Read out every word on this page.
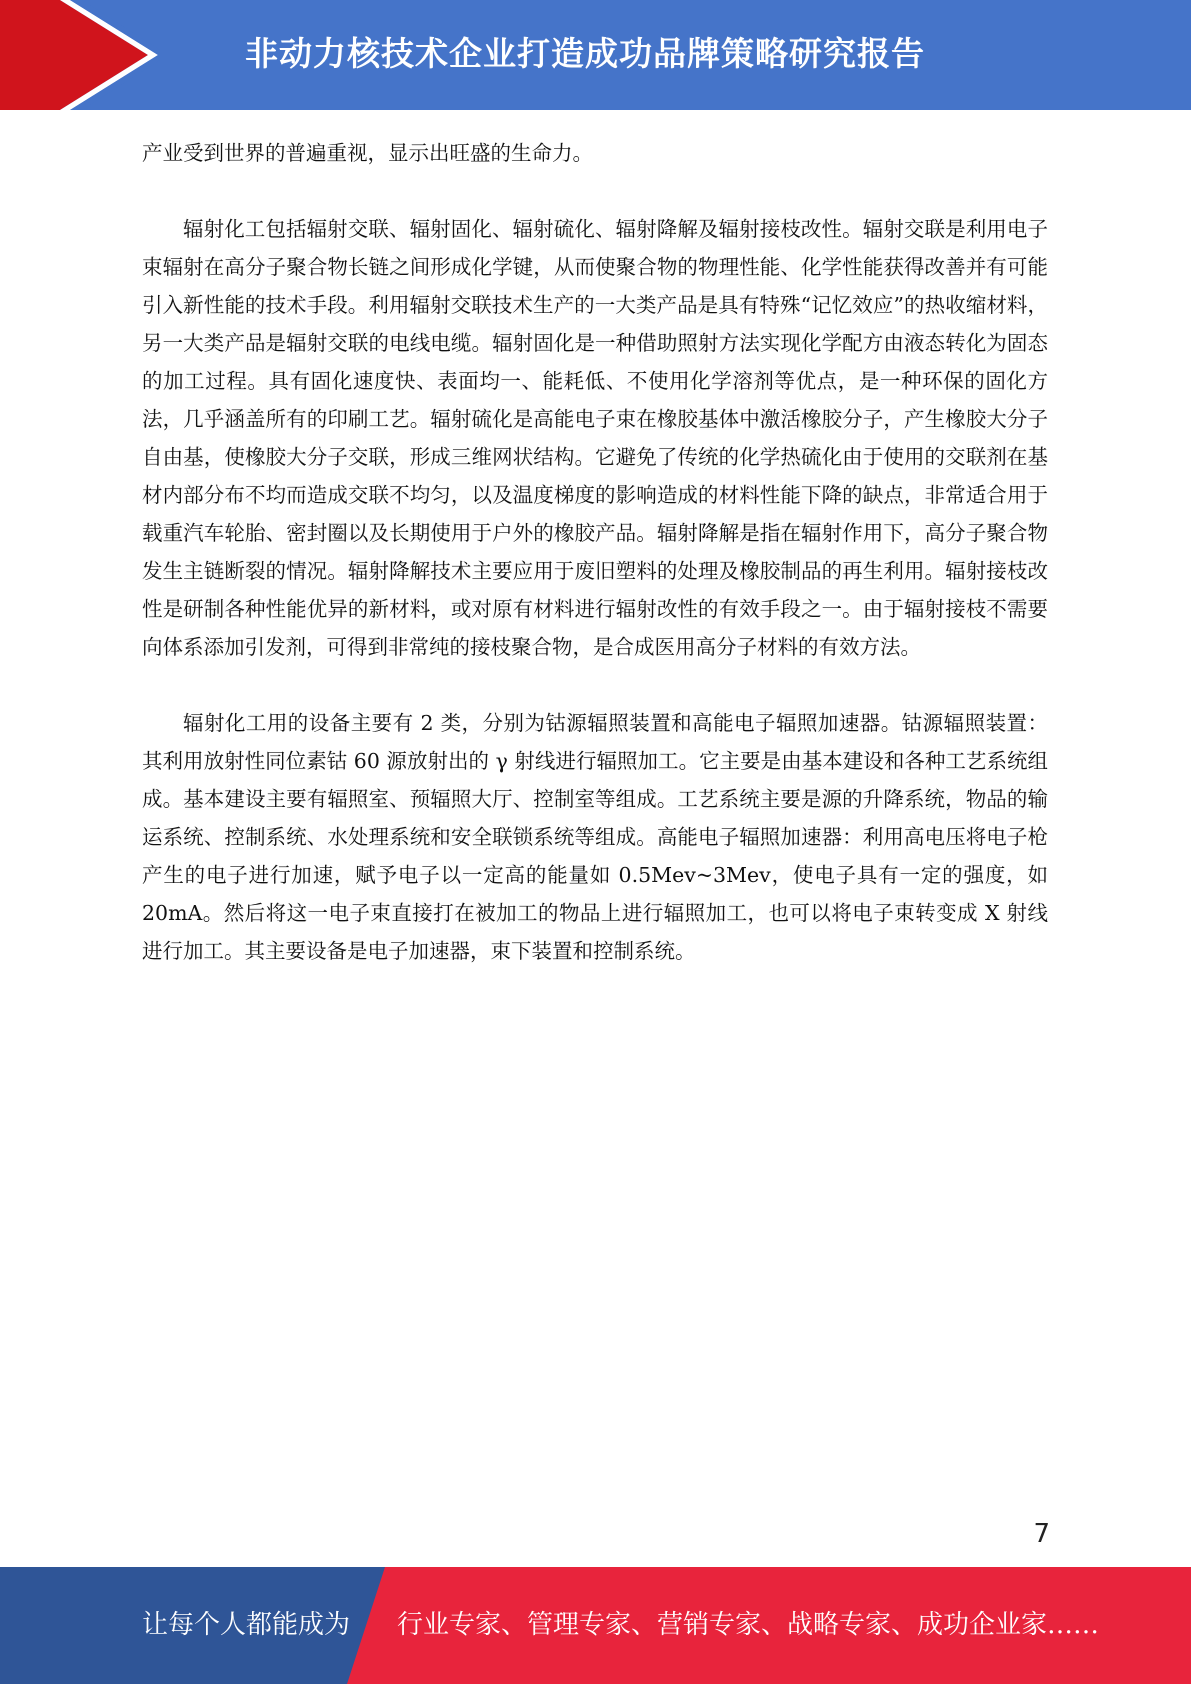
非动力核技术企业打造成功品牌策略研究报告

产业受到世界的普遍重视，显示出旺盛的生命力。

辐射化工包括辐射交联、辐射固化、辐射硫化、辐射降解及辐射接枝改性。辐射交联是利用电子束辐射在高分子聚合物长链之间形成化学键，从而使聚合物的物理性能、化学性能获得改善并有可能引入新性能的技术手段。利用辐射交联技术生产的一大类产品是具有特殊“记忆效应”的热收缩材料，另一大类产品是辐射交联的电线电缆。辐射固化是一种借助照射方法实现化学配方由液态转化为固态的加工过程。具有固化速度快、表面均一、能耗低、不使用化学溶剂等优点，是一种环保的固化方法，几乎涵盖所有的印刷工艺。辐射硫化是高能电子束在橡胶基体中激活橡胶分子，产生橡胶大分子自由基，使橡胶大分子交联，形成三维网状结构。它避免了传统的化学热硫化由于使用的交联剂在基材内部分布不均而造成交联不均匀，以及温度梯度的影响造成的材料性能下降的缺点，非常适合用于载重汽车轮胎、密封圈以及长期使用于户外的橡胶产品。辐射降解是指在辐射作用下，高分子聚合物发生主链断裂的情况。辐射降解技术主要应用于废旧塑料的处理及橡胶制品的再生利用。辐射接枝改性是研制各种性能优异的新材料，或对原有材料进行辐射改性的有效手段之一。由于辐射接枝不需要向体系添加引发剂，可得到非常纯的接枝聚合物，是合成医用高分子材料的有效方法。

辐射化工用的设备主要有 2 类，分别为钴源辐照装置和高能电子辐照加速器。钴源辐照装置：其利用放射性同位素钴 60 源放射出的 γ 射线进行辐照加工。它主要是由基本建设和各种工艺系统组成。基本建设主要有辐照室、预辐照大厅、控制室等组成。工艺系统主要是源的升降系统，物品的输运系统、控制系统、水处理系统和安全联锁系统等组成。高能电子辐照加速器：利用高电压将电子枪产生的电子进行加速，赋予电子以一定高的能量如 0.5Mev~3Mev，使电子具有一定的强度，如 20mA。然后将这一电子束直接打在被加工的物品上进行辐照加工，也可以将电子束转变成 X 射线进行加工。其主要设备是电子加速器，束下装置和控制系统。

7
让每个人都能成为 行业专家、管理专家、营销专家、战略专家、成功企业家……
